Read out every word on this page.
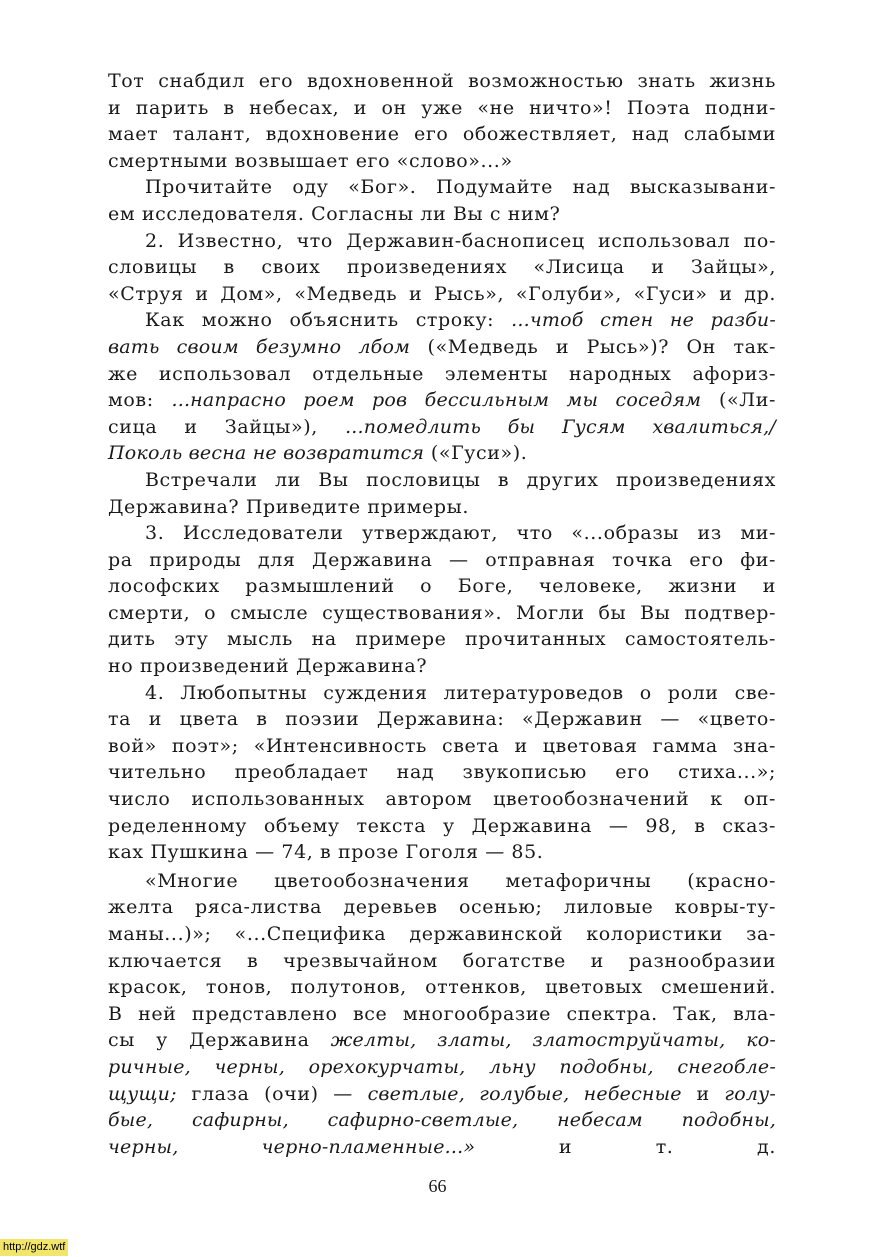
Тот снабдил его вдохновенной возможностью знать жизнь
и парить в небесах, и он уже «не ничто»! Поэта подни-
мает талант, вдохновение его обожествляет, над слабыми
смертными возвышает его «слово»...»
Прочитайте оду «Бог». Подумайте над высказывани-
ем исследователя. Согласны ли Вы с ним?
2. Известно, что Державин-баснописец использовал по-
словицы в своих произведениях «Лисица и Зайцы»,
«Струя и Дом», «Медведь и Рысь», «Голуби», «Гуси» и др.
Как можно объяснить строку: ...чтоб стен не разби-
вать своим безумно лбом («Медведь и Рысь»)? Он так-
же использовал отдельные элементы народных афориз-
мов: ...напрасно роем ров бессильным мы соседям («Ли-
сица и Зайцы»), ...помедлить бы Гусям хвалиться,/
Поколь весна не возвратится («Гуси»).
Встречали ли Вы пословицы в других произведениях
Державина? Приведите примеры.
3. Исследователи утверждают, что «...образы из ми-
ра природы для Державина — отправная точка его фи-
лософских размышлений о Боге, человеке, жизни и
смерти, о смысле существования». Могли бы Вы подтвер-
дить эту мысль на примере прочитанных самостоятель-
но произведений Державина?
4. Любопытны суждения литературоведов о роли све-
та и цвета в поэзии Державина: «Державин — «цвето-
вой» поэт»; «Интенсивность света и цветовая гамма зна-
чительно преобладает над звукописью его стиха...»;
число использованных автором цветообозначений к оп-
ределенному объему текста у Державина — 98, в сказ-
ках Пушкина — 74, в прозе Гоголя — 85.
«Многие цветообозначения метафоричны (красно-
желта ряса-листва деревьев осенью; лиловые ковры-ту-
маны...)»; «...Специфика державинской колористики за-
ключается в чрезвычайном богатстве и разнообразии
красок, тонов, полутонов, оттенков, цветовых смешений.
В ней представлено все многообразие спектра. Так, вла-
сы у Державина желты, златы, златоструйчаты, ко-
ричные, черны, орехокурчаты, льну подобны, снегобле-
щущи; глаза (очи) — светлые, голубые, небесные и голу-
бые, сафирны, сафирно-светлые, небесам подобны,
черны, черно-пламенные...» и т. д.
66
http://gdz.wtf
